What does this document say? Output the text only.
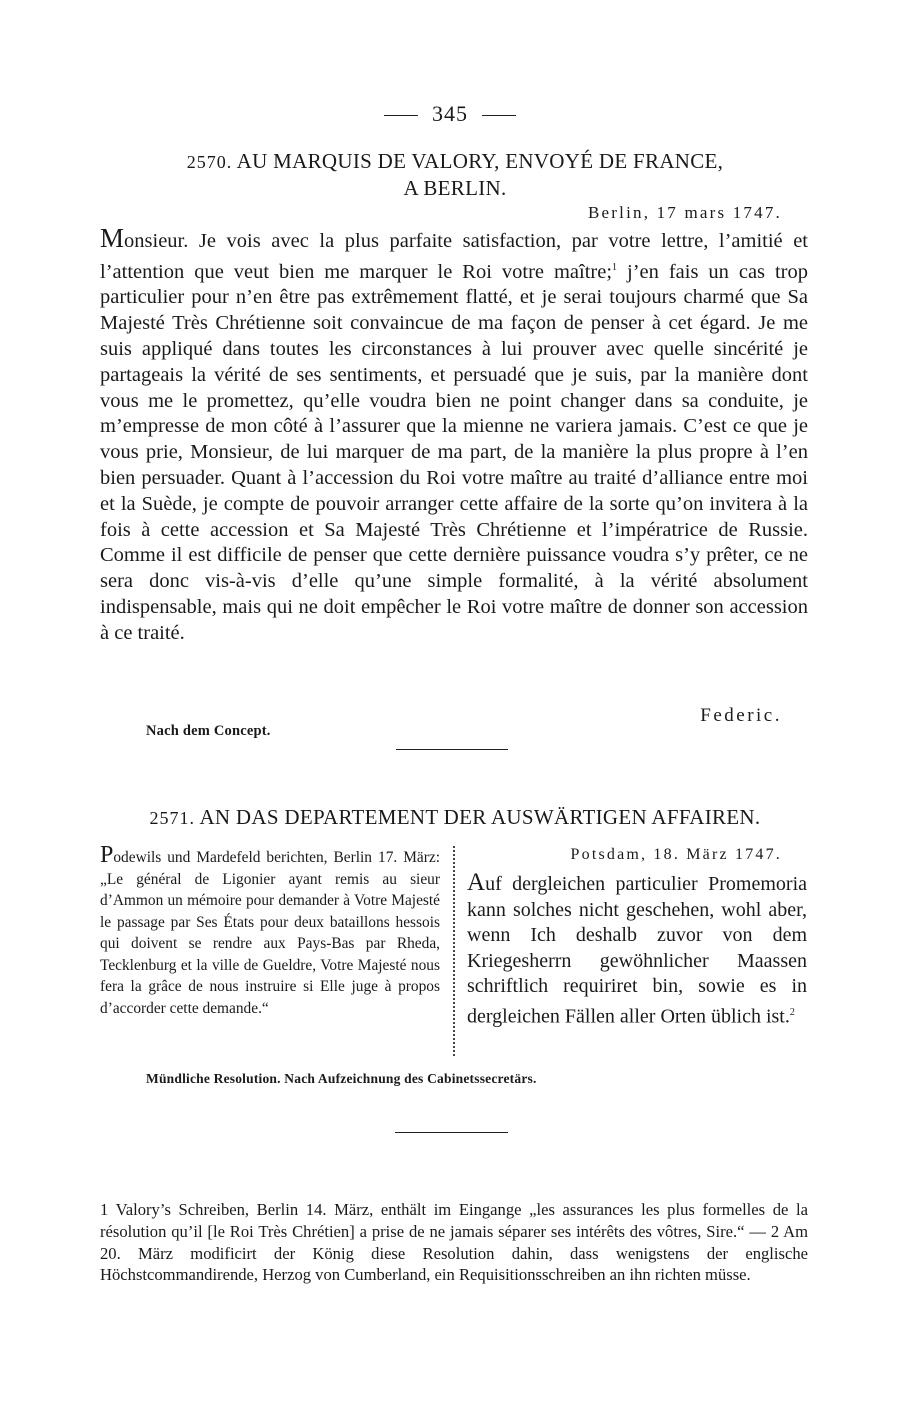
345
2570. AU MARQUIS DE VALORY, ENVOYÉ DE FRANCE,
A BERLIN.
Berlin, 17 mars 1747.
Monsieur. Je vois avec la plus parfaite satisfaction, par votre lettre, l’amitié et l’attention que veut bien me marquer le Roi votre maître;$^1$ j’en fais un cas trop particulier pour n’en être pas extrêmement flatté, et je serai toujours charmé que Sa Majesté Très Chrétienne soit convaincue de ma façon de penser à cet égard. Je me suis appliqué dans toutes les circonstances à lui prouver avec quelle sincérité je partageais la vérité de ses sentiments, et persuadé que je suis, par la manière dont vous me le promettez, qu’elle voudra bien ne point changer dans sa conduite, je m’empresse de mon côté à l’assurer que la mienne ne variera jamais. C’est ce que je vous prie, Monsieur, de lui marquer de ma part, de la manière la plus propre à l’en bien persuader. Quant à l’accession du Roi votre maître au traité d’alliance entre moi et la Suède, je compte de pouvoir arranger cette affaire de la sorte qu’on invitera à la fois à cette accession et Sa Majesté Très Chrétienne et l’impératrice de Russie. Comme il est difficile de penser que cette dernière puissance voudra s’y prêter, ce ne sera donc vis-à-vis d’elle qu’une simple formalité, à la vérité absolument indispensable, mais qui ne doit empêcher le Roi votre maître de donner son accession à ce traité.
Federic.
Nach dem Concept.
2571. AN DAS DEPARTEMENT DER AUSWÄRTIGEN AFFAIREN.
Podewils und Mardefeld berichten, Berlin 17. März: „Le général de Ligonier ayant remis au sieur d’Ammon un mémoire pour demander à Votre Majesté le passage par Ses États pour deux bataillons hessois qui doivent se rendre aux Pays-Bas par Rheda, Tecklenburg et la ville de Gueldre, Votre Majesté nous fera la grâce de nous instruire si Elle juge à propos d’accorder cette demande.“
Potsdam, 18. März 1747.
Auf dergleichen particulier Promemoria kann solches nicht geschehen, wohl aber, wenn Ich deshalb zuvor von dem Kriegesherrn gewöhnlicher Maassen schriftlich requiriret bin, sowie es in dergleichen Fällen aller Orten üblich ist.$^2$
Mündliche Resolution. Nach Aufzeichnung des Cabinetssecretärs.
1 Valory’s Schreiben, Berlin 14. März, enthält im Eingange „les assurances les plus formelles de la résolution qu’il [le Roi Très Chrétien] a prise de ne jamais séparer ses intérêts des vôtres, Sire.“ — 2 Am 20. März modificirt der König diese Resolution dahin, dass wenigstens der englische Höchstcommandirende, Herzog von Cumberland, ein Requisitionsschreiben an ihn richten müsse.
